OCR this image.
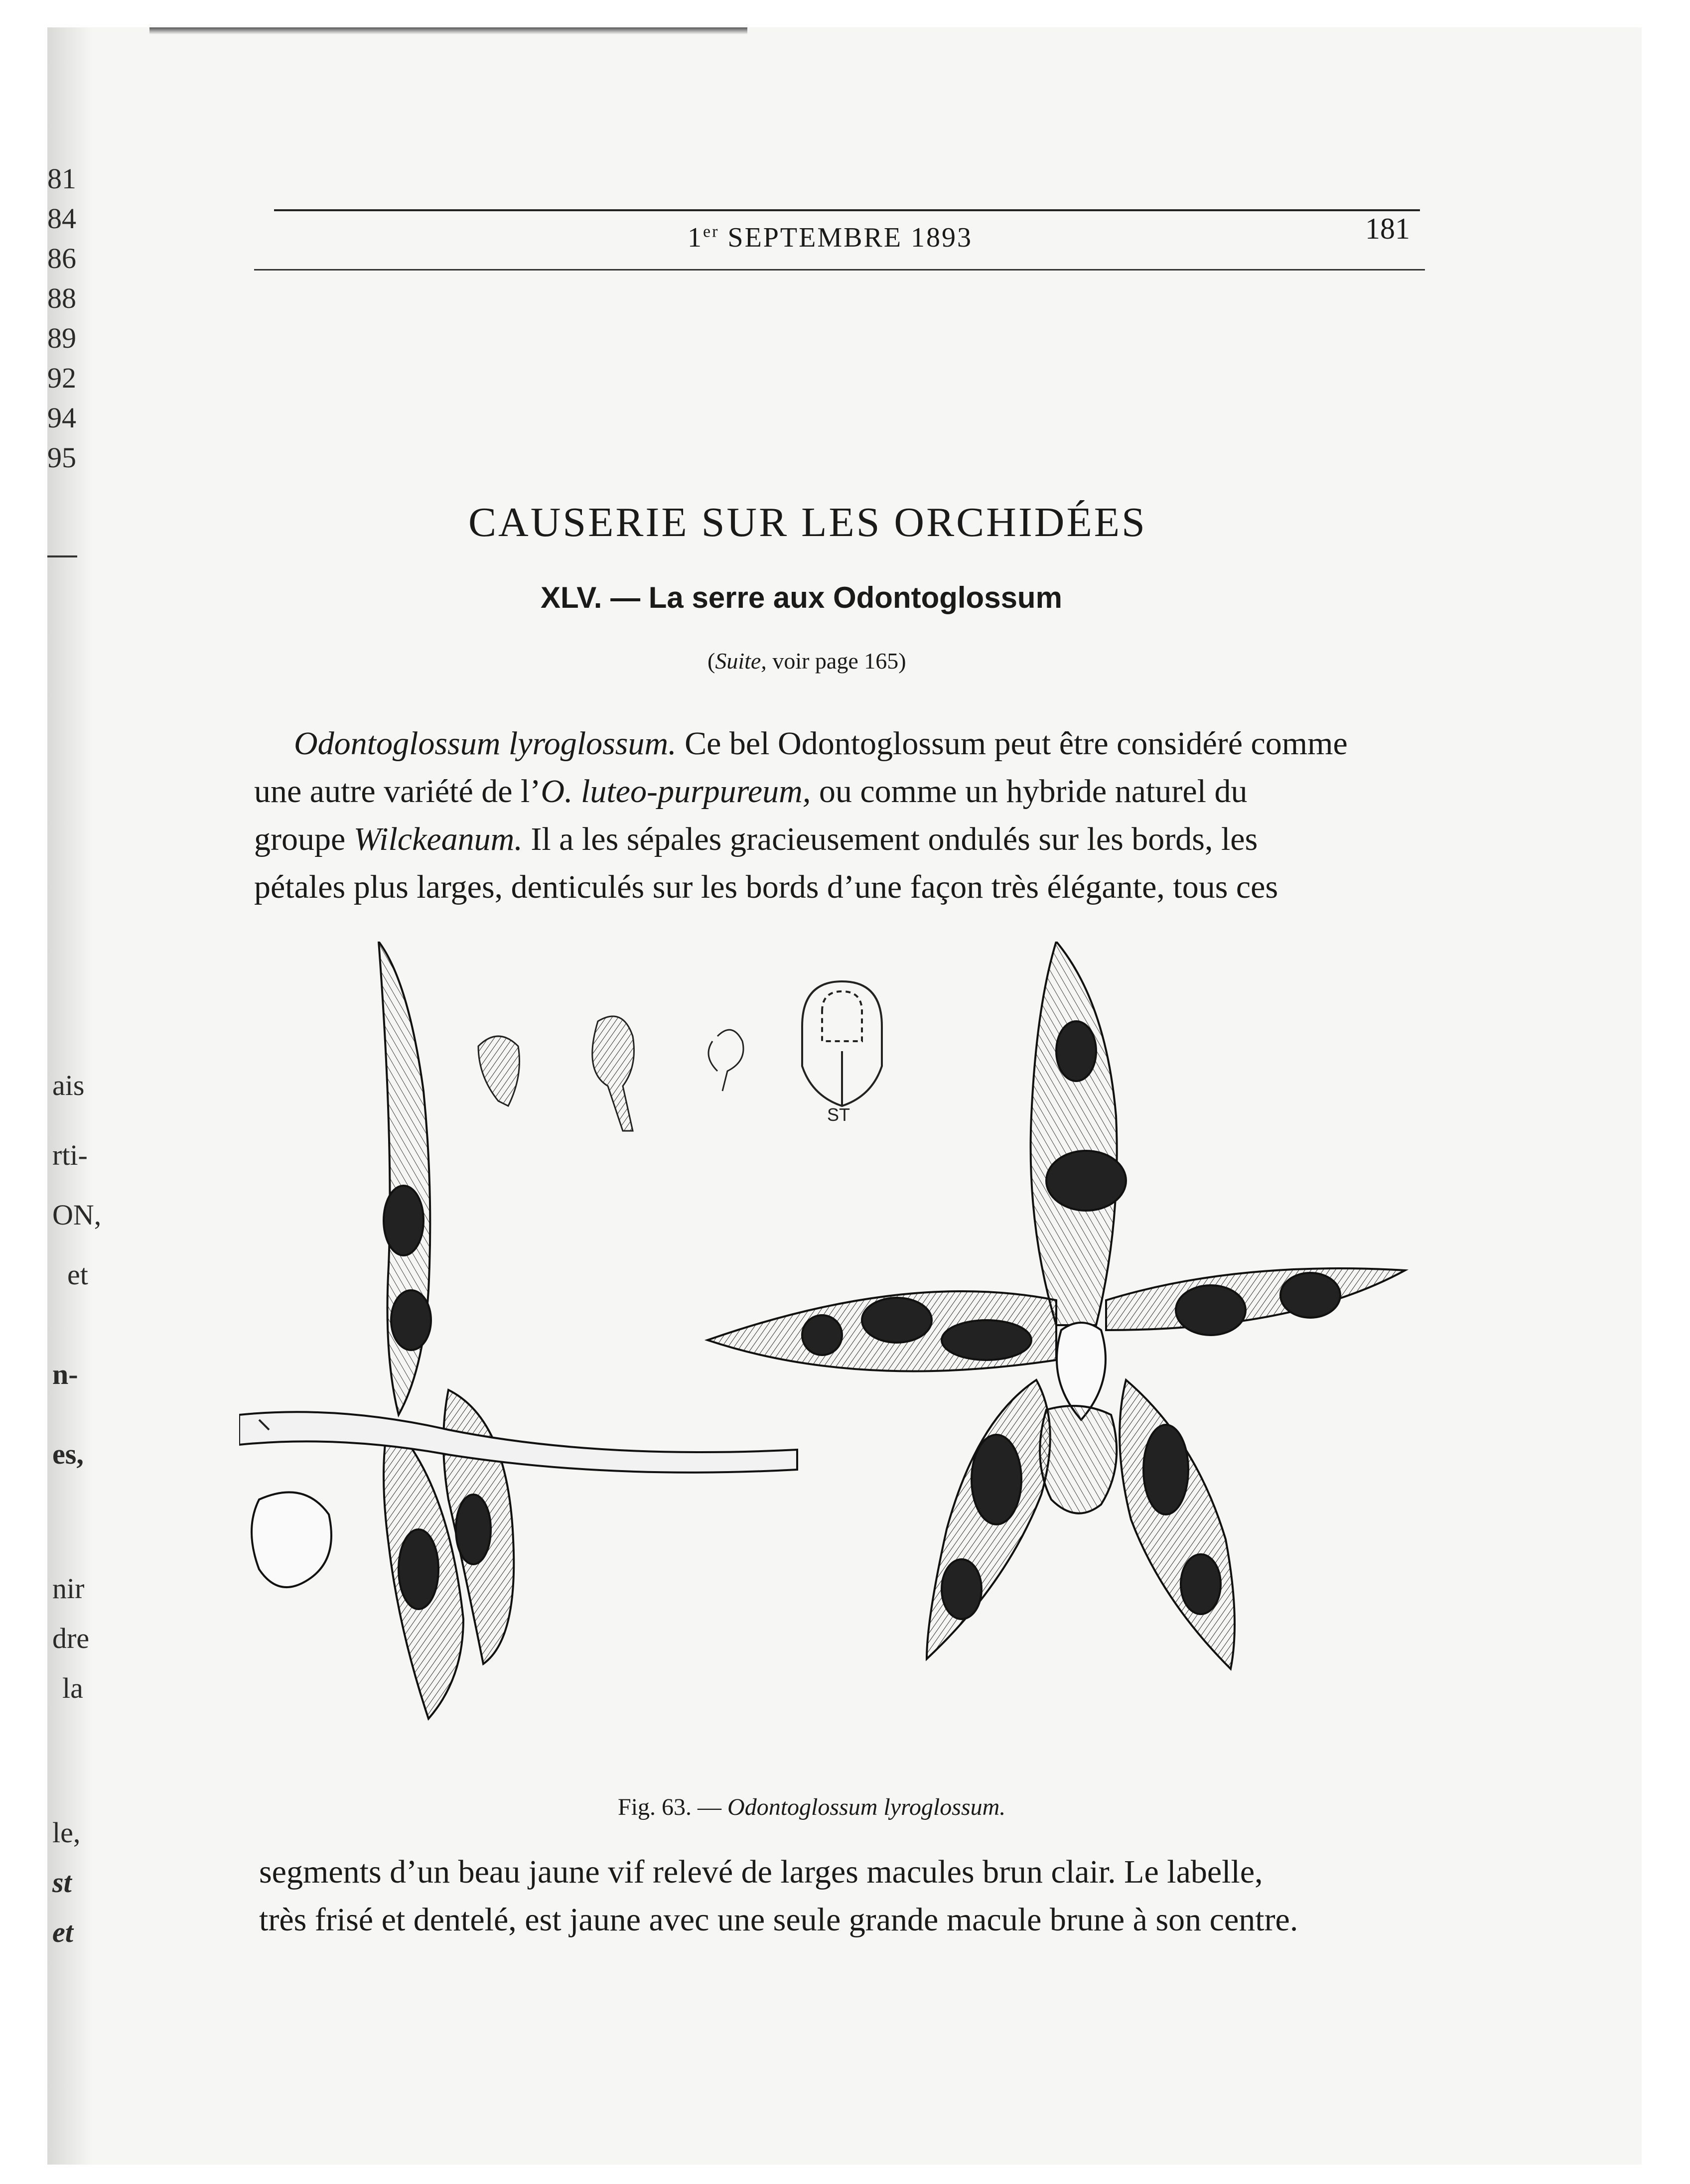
81
84
86
88
89
92
94
95
ais
rti-
ON,
et
n-
es,
nir
dre
la
le,
st
et
1er SEPTEMBRE 1893	181
CAUSERIE SUR LES ORCHIDÉES
XLV. — La serre aux Odontoglossum
(Suite, voir page 165)
Odontoglossum lyroglossum. Ce bel Odontoglossum peut être considéré comme
une autre variété de l’O. luteo-purpureum, ou comme un hybride naturel du
groupe Wilckeanum. Il a les sépales gracieusement ondulés sur les bords, les
pétales plus larges, denticulés sur les bords d’une façon très élégante, tous ces
ST
Fig. 63. — Odontoglossum lyroglossum.
segments d’un beau jaune vif relevé de larges macules brun clair. Le labelle,
très frisé et dentelé, est jaune avec une seule grande macule brune à son centre.
